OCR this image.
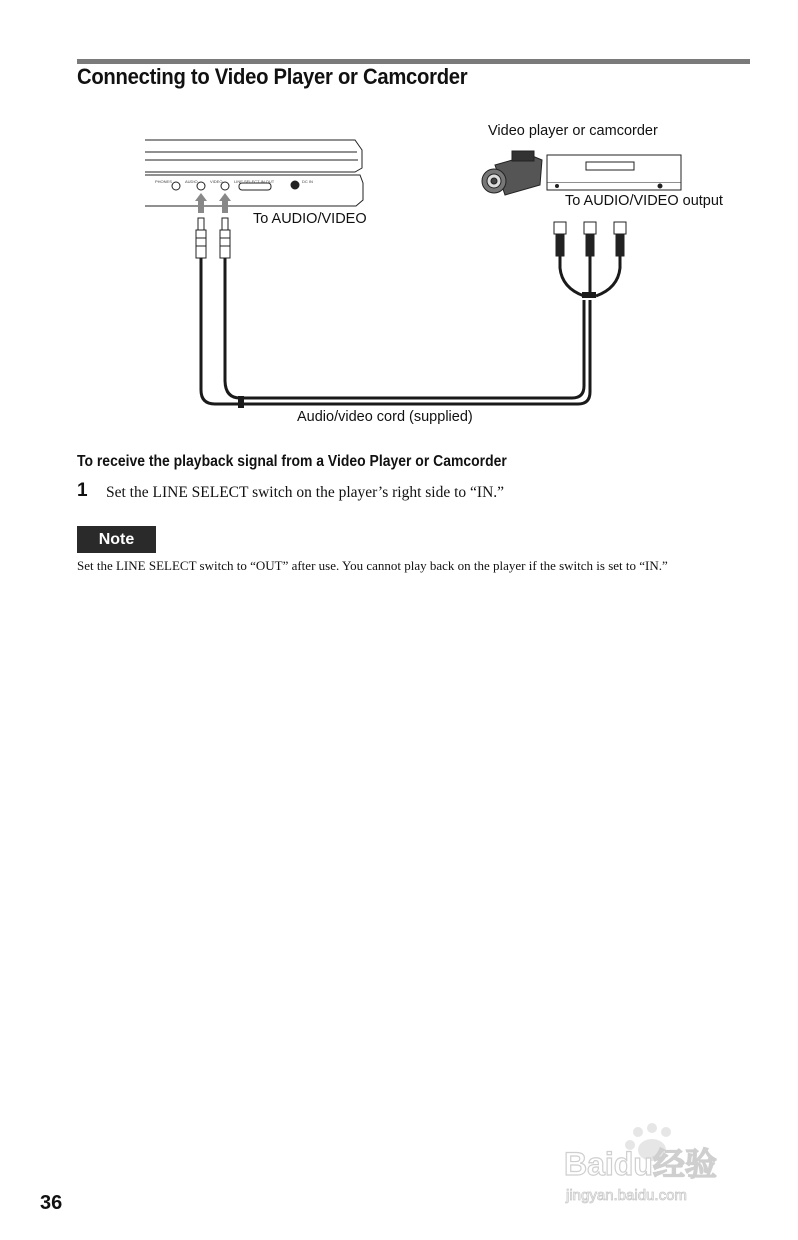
Connecting to Video Player or Camcorder
PHONES	AUDIO	VIDEO	LINE SELECT IN OUT	DC IN
Video player or camcorder
To AUDIO/VIDEO output
To AUDIO/VIDEO
Audio/video cord (supplied)
To receive the playback signal from a Video Player or Camcorder
1 Set the LINE SELECT switch on the player’s right side to “IN.”
Note
Set the LINE SELECT switch to “OUT” after use. You cannot play back on the player if the switch is set to “IN.”
Baidu经验
jingyan.baidu.com
36
